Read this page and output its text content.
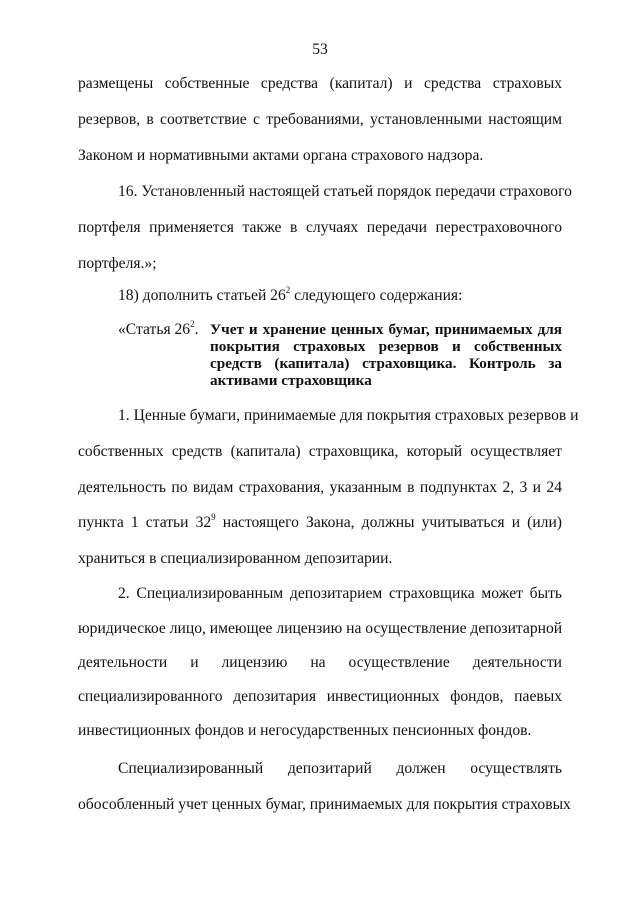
53
размещены собственные средства (капитал) и средства страховых
резервов, в соответствие с требованиями, установленными настоящим
Законом и нормативными актами органа страхового надзора.
16. Установленный настоящей статьей порядок передачи страхового
портфеля применяется также в случаях передачи перестраховочного
портфеля.»;
18) дополнить статьей $26^2$ следующего содержания:
«Статья $26^2$. Учет и хранение ценных бумаг, принимаемых для
покрытия страховых резервов и собственных
средств (капитала) страховщика. Контроль за
активами страховщика
1. Ценные бумаги, принимаемые для покрытия страховых резервов и
собственных средств (капитала) страховщика, который осуществляет
деятельность по видам страхования, указанным в подпунктах 2, 3 и 24
пункта 1 статьи $32^9$ настоящего Закона, должны учитываться и (или)
храниться в специализированном депозитарии.
2. Специализированным депозитарием страховщика может быть
юридическое лицо, имеющее лицензию на осуществление депозитарной
деятельности и лицензию на осуществление деятельности
специализированного депозитария инвестиционных фондов, паевых
инвестиционных фондов и негосударственных пенсионных фондов.
Специализированный депозитарий должен осуществлять
обособленный учет ценных бумаг, принимаемых для покрытия страховых
